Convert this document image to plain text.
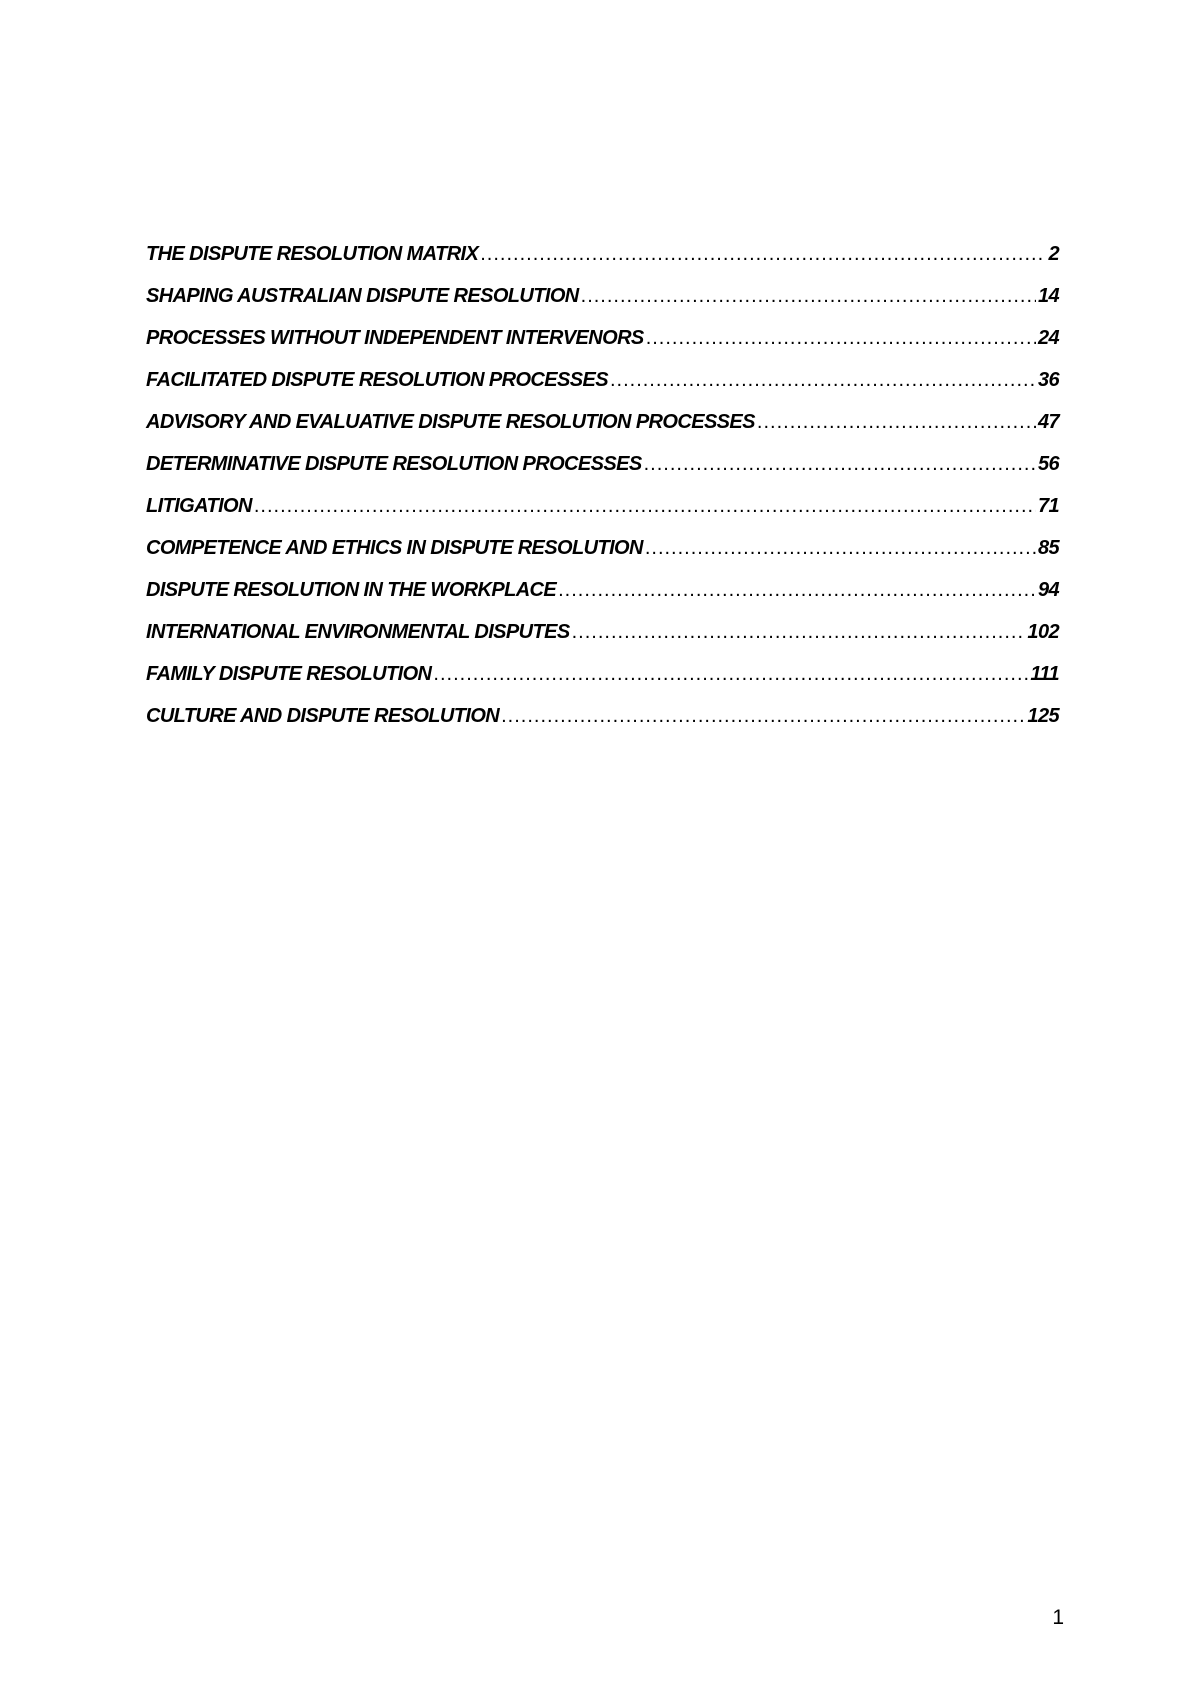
THE DISPUTE RESOLUTION MATRIX .....	2
SHAPING AUSTRALIAN DISPUTE RESOLUTION .....	14
PROCESSES WITHOUT INDEPENDENT INTERVENORS .....	24
FACILITATED DISPUTE RESOLUTION PROCESSES .....	36
ADVISORY AND EVALUATIVE DISPUTE RESOLUTION PROCESSES .....	47
DETERMINATIVE DISPUTE RESOLUTION PROCESSES .....	56
LITIGATION .....	71
COMPETENCE AND ETHICS IN DISPUTE RESOLUTION .....	85
DISPUTE RESOLUTION IN THE WORKPLACE .....	94
INTERNATIONAL ENVIRONMENTAL DISPUTES .....	102
FAMILY DISPUTE RESOLUTION .....	111
CULTURE AND DISPUTE RESOLUTION .....	125
1
